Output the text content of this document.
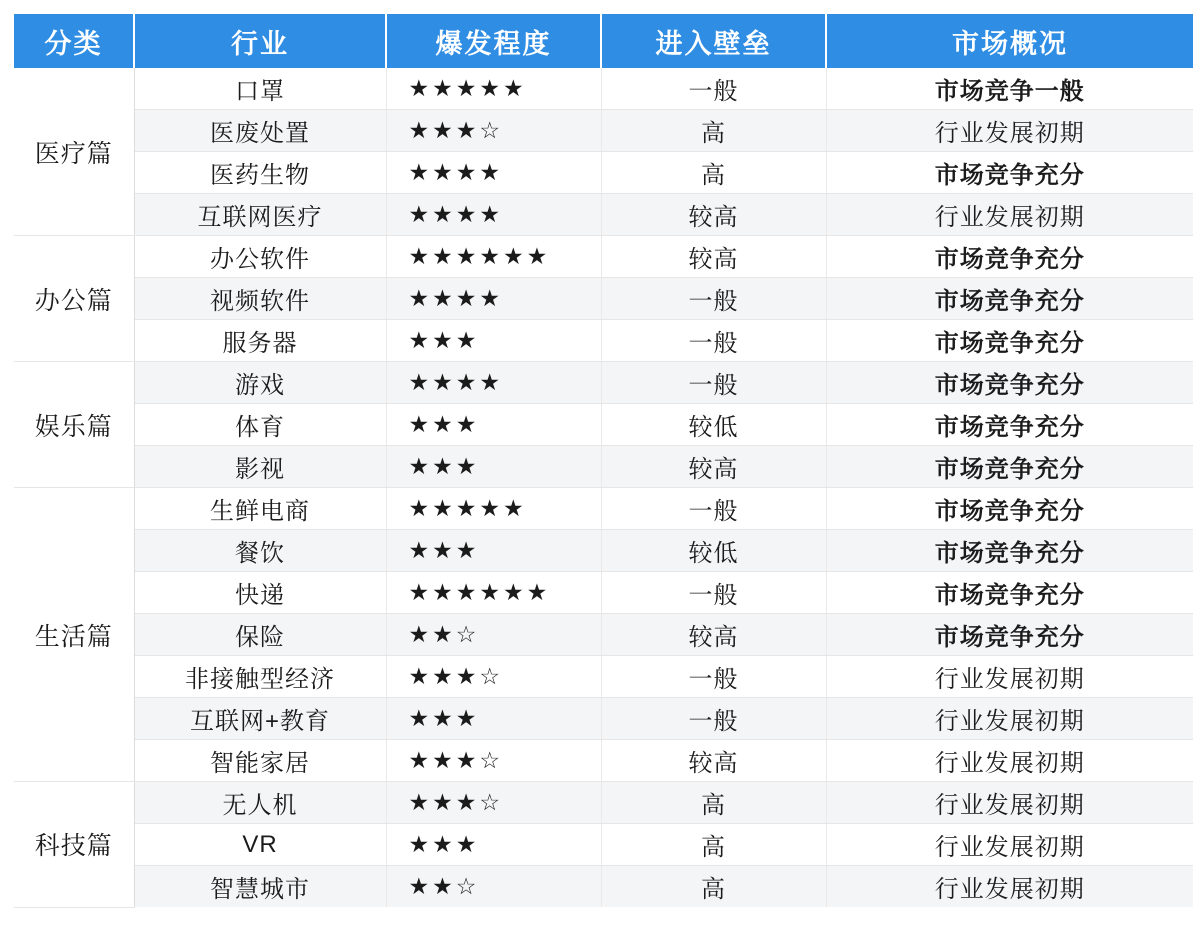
分类	行业	爆发程度	进入壁垒	市场概况
医疗篇	口罩	★★★★★	一般	市场竞争一般
	医废处置	★★★☆	高	行业发展初期
	医药生物	★★★★	高	市场竞争充分
	互联网医疗	★★★★	较高	行业发展初期
办公篇	办公软件	★★★★★★	较高	市场竞争充分
	视频软件	★★★★	一般	市场竞争充分
	服务器	★★★	一般	市场竞争充分
娱乐篇	游戏	★★★★	一般	市场竞争充分
	体育	★★★	较低	市场竞争充分
	影视	★★★	较高	市场竞争充分
生活篇	生鲜电商	★★★★★	一般	市场竞争充分
	餐饮	★★★	较低	市场竞争充分
	快递	★★★★★★	一般	市场竞争充分
	保险	★★☆	较高	市场竞争充分
	非接触型经济	★★★☆	一般	行业发展初期
	互联网+教育	★★★	一般	行业发展初期
	智能家居	★★★☆	较高	行业发展初期
科技篇	无人机	★★★☆	高	行业发展初期
	VR	★★★	高	行业发展初期
	智慧城市	★★☆	高	行业发展初期
